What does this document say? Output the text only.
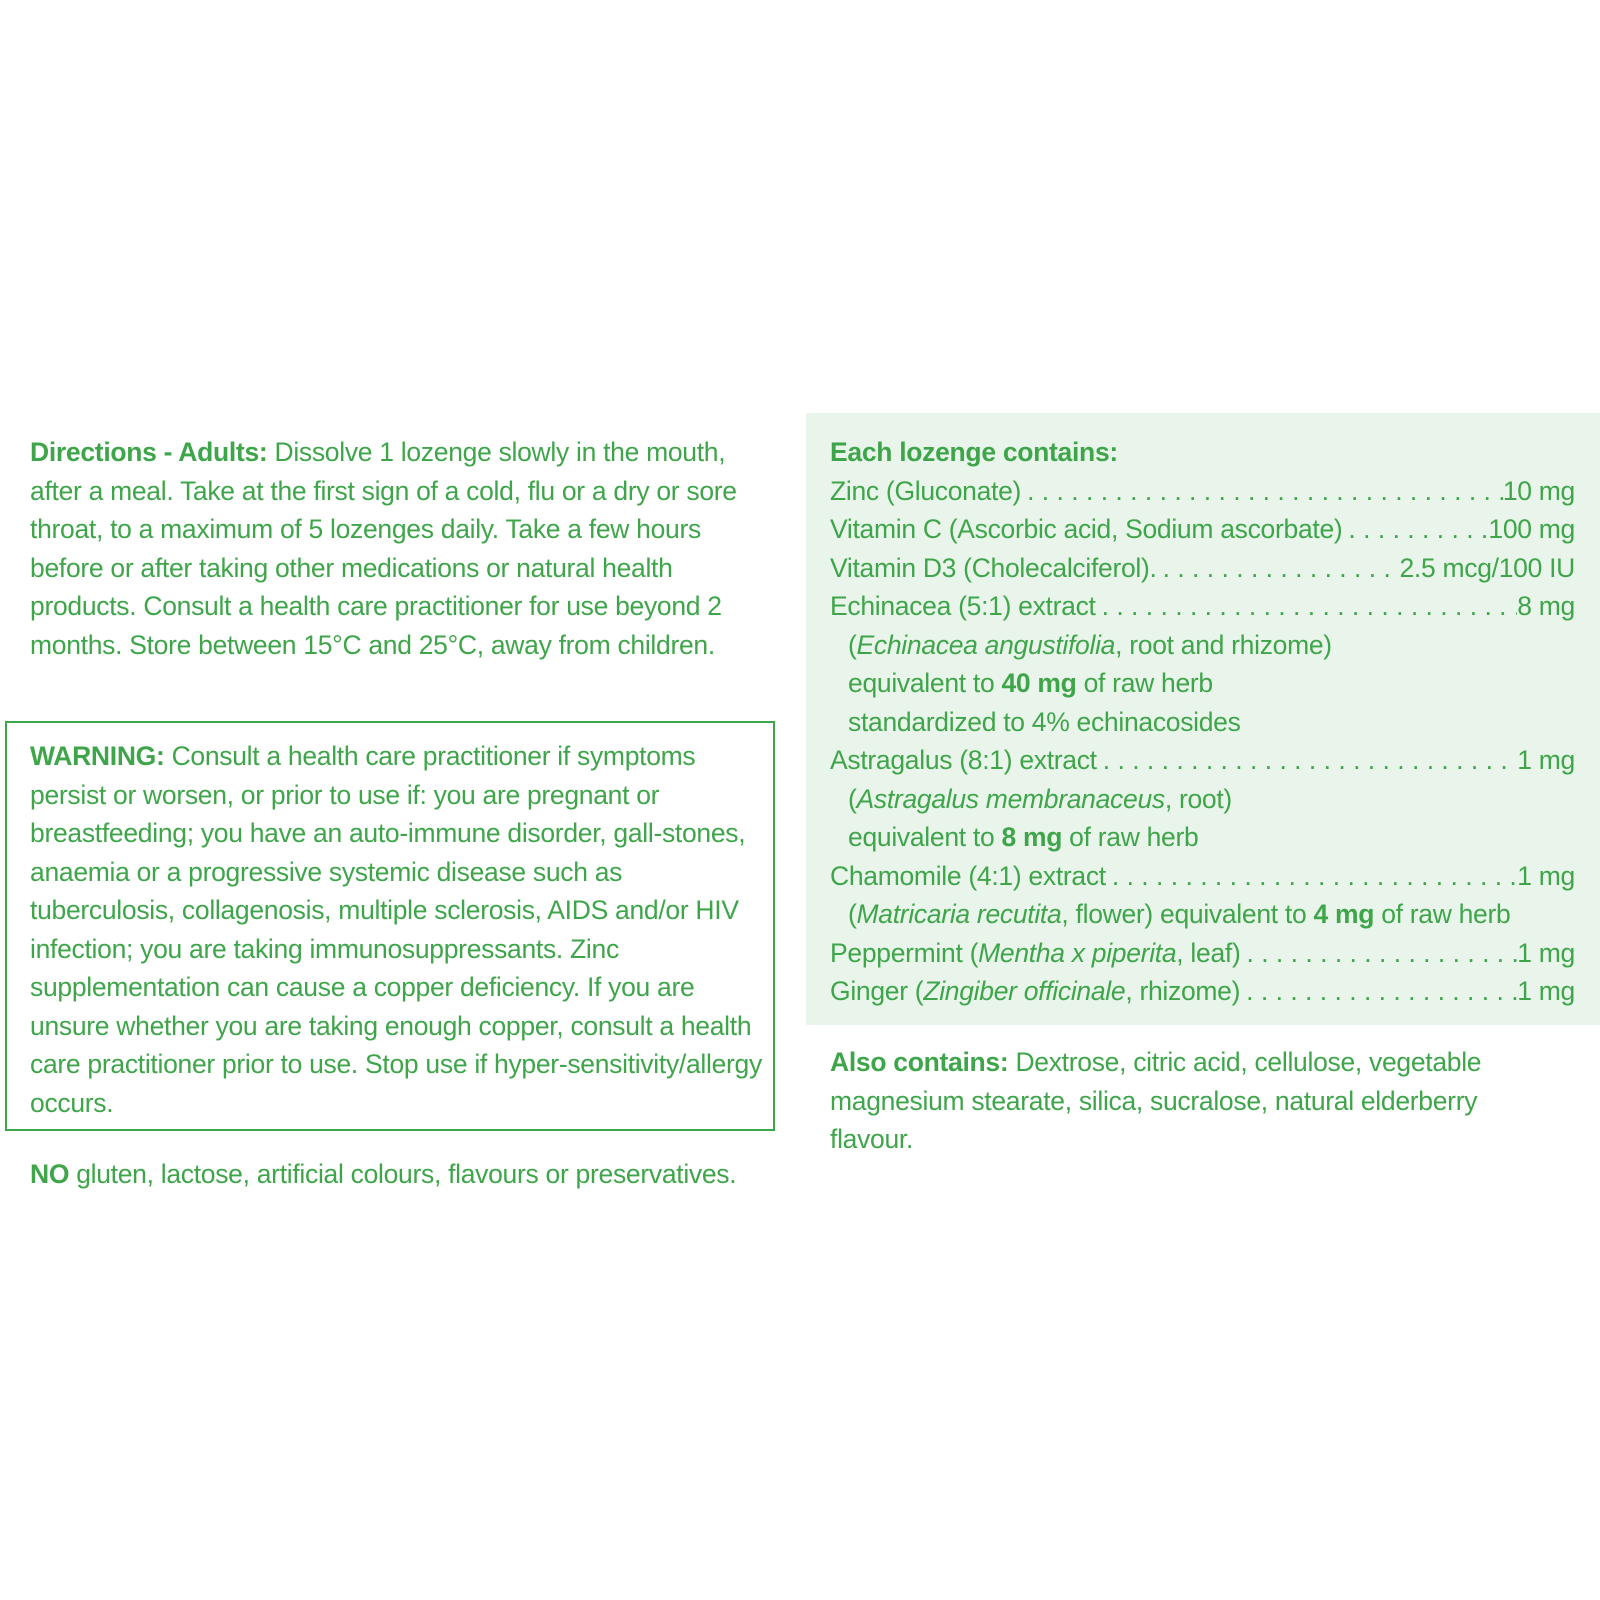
Directions - Adults: Dissolve 1 lozenge slowly in the mouth, after a meal. Take at the first sign of a cold, flu or a dry or sore throat, to a maximum of 5 lozenges daily. Take a few hours before or after taking other medications or natural health products. Consult a health care practitioner for use beyond 2 months. Store between 15°C and 25°C, away from children.
WARNING: Consult a health care practitioner if symptoms persist or worsen, or prior to use if: you are pregnant or breastfeeding; you have an auto-immune disorder, gall-stones, anaemia or a progressive systemic disease such as tuberculosis, collagenosis, multiple sclerosis, AIDS and/or HIV infection; you are taking immunosuppressants. Zinc supplementation can cause a copper deficiency. If you are unsure whether you are taking enough copper, consult a health care practitioner prior to use. Stop use if hyper-sensitivity/allergy occurs.
NO gluten, lactose, artificial colours, flavours or preservatives.
Each lozenge contains:
Zinc (Gluconate) . . .	10 mg
Vitamin C (Ascorbic acid, Sodium ascorbate) . . .	100 mg
Vitamin D3 (Cholecalciferol). . . .	2.5 mcg/100 IU
Echinacea (5:1) extract . . .	8 mg
(Echinacea angustifolia, root and rhizome)
equivalent to 40 mg of raw herb
standardized to 4% echinacosides
Astragalus (8:1) extract . . .	1 mg
(Astragalus membranaceus, root)
equivalent to 8 mg of raw herb
Chamomile (4:1) extract . . .	1 mg
(Matricaria recutita, flower) equivalent to 4 mg of raw herb
Peppermint (Mentha x piperita, leaf) . . .	1 mg
Ginger (Zingiber officinale, rhizome) . . .	1 mg
Also contains: Dextrose, citric acid, cellulose, vegetable magnesium stearate, silica, sucralose, natural elderberry flavour.
